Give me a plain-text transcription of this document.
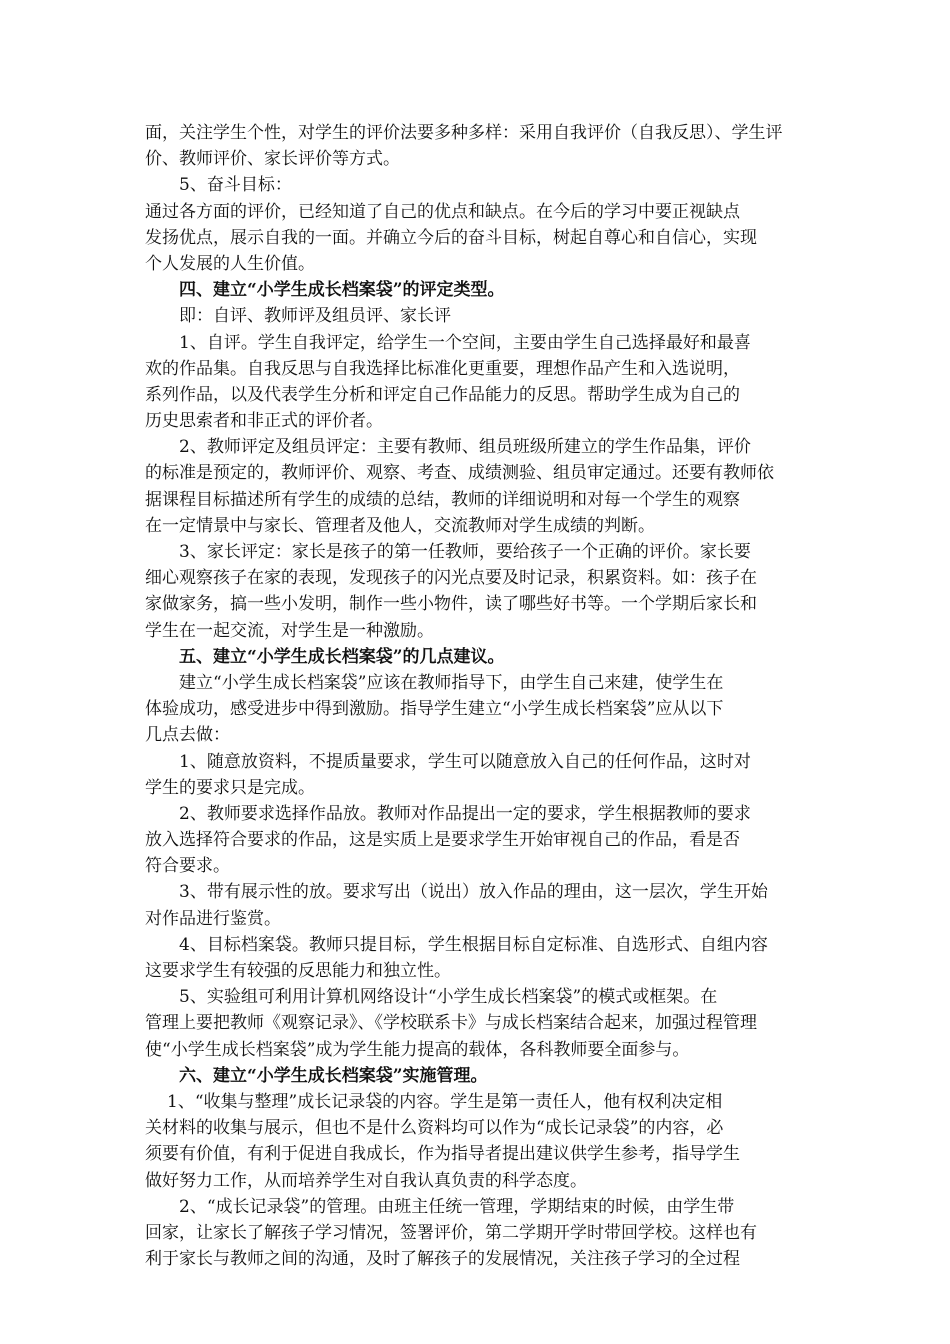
面，关注学生个性，对学生的评价法要多种多样：采用自我评价（自我反思）、学生评
价、教师评价、家长评价等方式。
5、奋斗目标：
通过各方面的评价，已经知道了自己的优点和缺点。在今后的学习中要正视缺点
发扬优点，展示自我的一面。并确立今后的奋斗目标，树起自尊心和自信心，实现
个人发展的人生价值。
四、建立“小学生成长档案袋”的评定类型。
即：自评、教师评及组员评、家长评
1、自评。学生自我评定，给学生一个空间，主要由学生自己选择最好和最喜
欢的作品集。自我反思与自我选择比标准化更重要，理想作品产生和入选说明，
系列作品，以及代表学生分析和评定自己作品能力的反思。帮助学生成为自己的
历史思索者和非正式的评价者。
2、教师评定及组员评定：主要有教师、组员班级所建立的学生作品集，评价
的标准是预定的，教师评价、观察、考查、成绩测验、组员审定通过。还要有教师依
据课程目标描述所有学生的成绩的总结，教师的详细说明和对每一个学生的观察
在一定情景中与家长、管理者及他人，交流教师对学生成绩的判断。
3、家长评定：家长是孩子的第一任教师，要给孩子一个正确的评价。家长要
细心观察孩子在家的表现，发现孩子的闪光点要及时记录，积累资料。如：孩子在
家做家务，搞一些小发明，制作一些小物件，读了哪些好书等。一个学期后家长和
学生在一起交流，对学生是一种激励。
五、建立“小学生成长档案袋”的几点建议。
建立“小学生成长档案袋”应该在教师指导下，由学生自己来建，使学生在
体验成功，感受进步中得到激励。指导学生建立“小学生成长档案袋”应从以下
几点去做：
1、随意放资料，不提质量要求，学生可以随意放入自己的任何作品，这时对
学生的要求只是完成。
2、教师要求选择作品放。教师对作品提出一定的要求，学生根据教师的要求
放入选择符合要求的作品，这是实质上是要求学生开始审视自己的作品，看是否
符合要求。
3、带有展示性的放。要求写出（说出）放入作品的理由，这一层次，学生开始
对作品进行鉴赏。
4、目标档案袋。教师只提目标，学生根据目标自定标准、自选形式、自组内容
这要求学生有较强的反思能力和独立性。
5、实验组可利用计算机网络设计“小学生成长档案袋”的模式或框架。在
管理上要把教师《观察记录》、《学校联系卡》与成长档案结合起来，加强过程管理
使“小学生成长档案袋”成为学生能力提高的载体，各科教师要全面参与。
六、建立“小学生成长档案袋”实施管理。
1、“收集与整理”成长记录袋的内容。学生是第一责任人，他有权利决定相
关材料的收集与展示，但也不是什么资料均可以作为“成长记录袋”的内容，必
须要有价值，有利于促进自我成长，作为指导者提出建议供学生参考，指导学生
做好努力工作，从而培养学生对自我认真负责的科学态度。
2、“成长记录袋”的管理。由班主任统一管理，学期结束的时候，由学生带
回家，让家长了解孩子学习情况，签署评价，第二学期开学时带回学校。这样也有
利于家长与教师之间的沟通，及时了解孩子的发展情况，关注孩子学习的全过程
